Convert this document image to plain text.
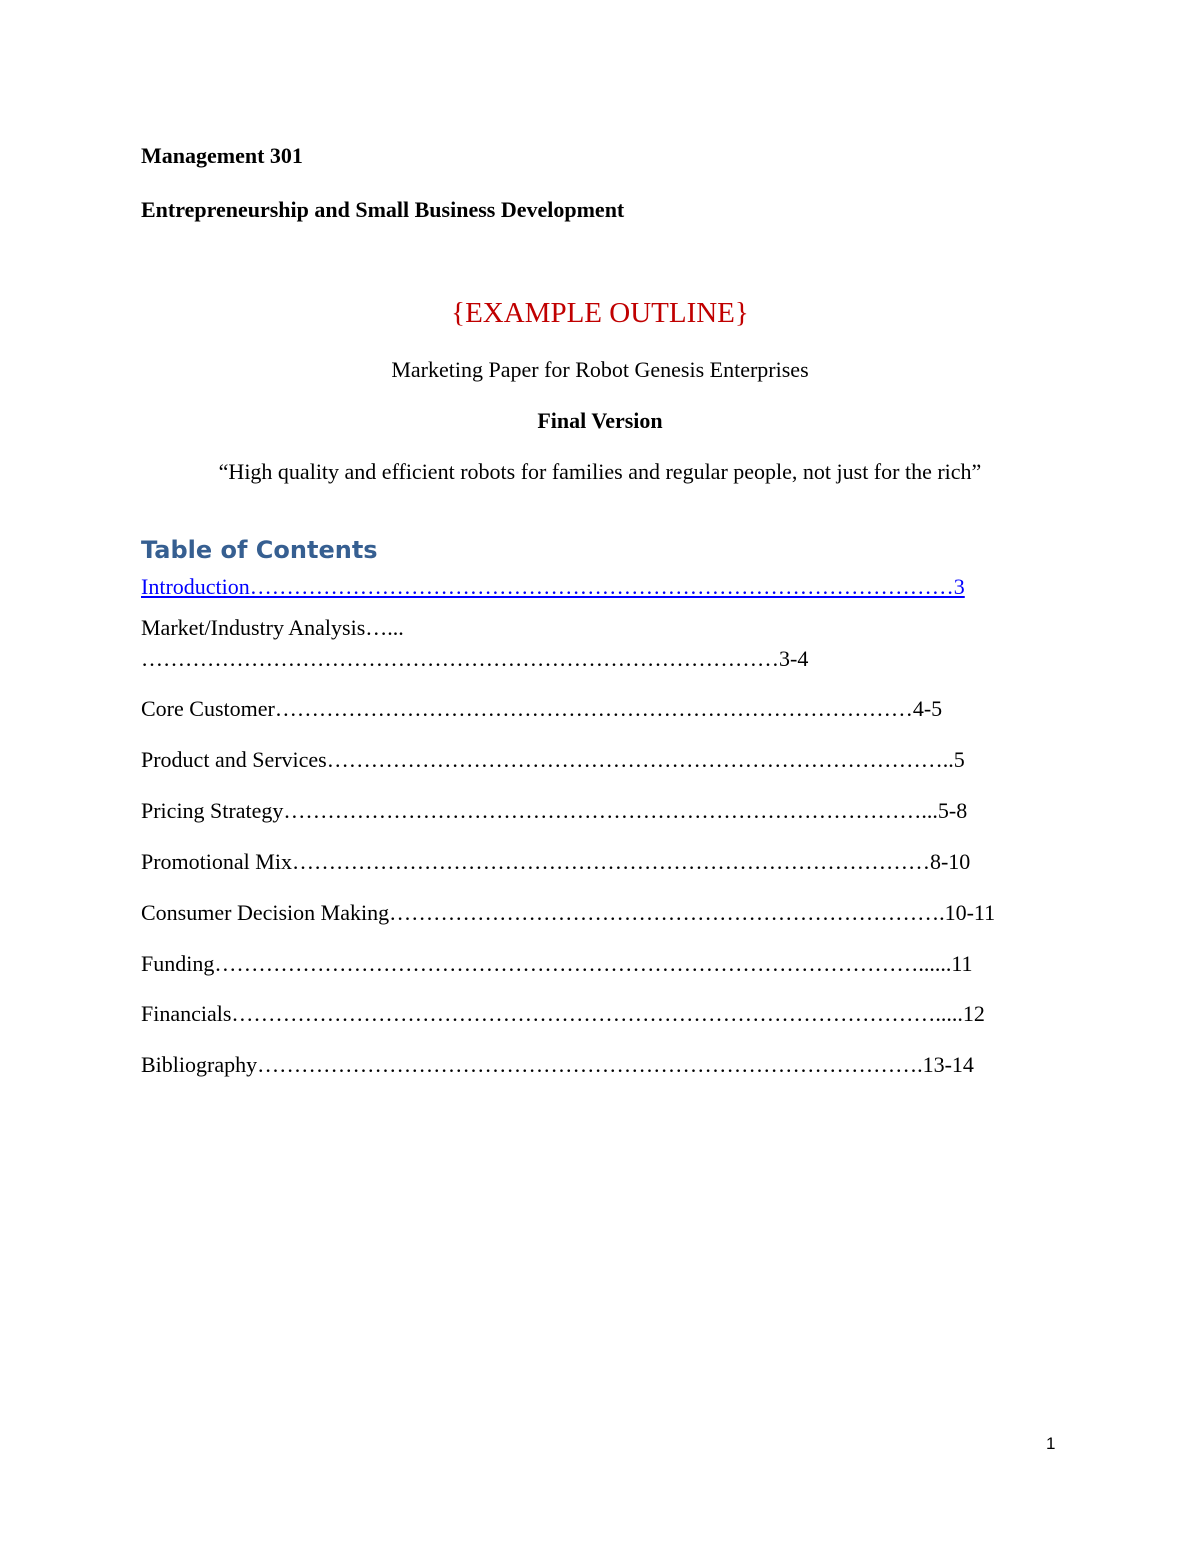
Management 301
Entrepreneurship and Small Business Development
{EXAMPLE OUTLINE}
Marketing Paper for Robot Genesis Enterprises
Final Version
“High quality and efficient robots for families and regular people, not just for the rich”
Table of Contents
Introduction……………………………………………………………………………………3
Market/Industry Analysis…...
……………………………………………………………………………3-4
Core Customer……………………………………………………………………………4-5
Product and Services…………………………………………………………………………..5
Pricing Strategy……………………………………………………………………………...5-8
Promotional Mix……………………………………………………………………………8-10
Consumer Decision Making………………………………………………………………….10-11
Funding……………………………………………………………………………………......11
Financials…………………………………………………………………………………….....12
Bibliography……………………………………………………………………………….13-14
1
